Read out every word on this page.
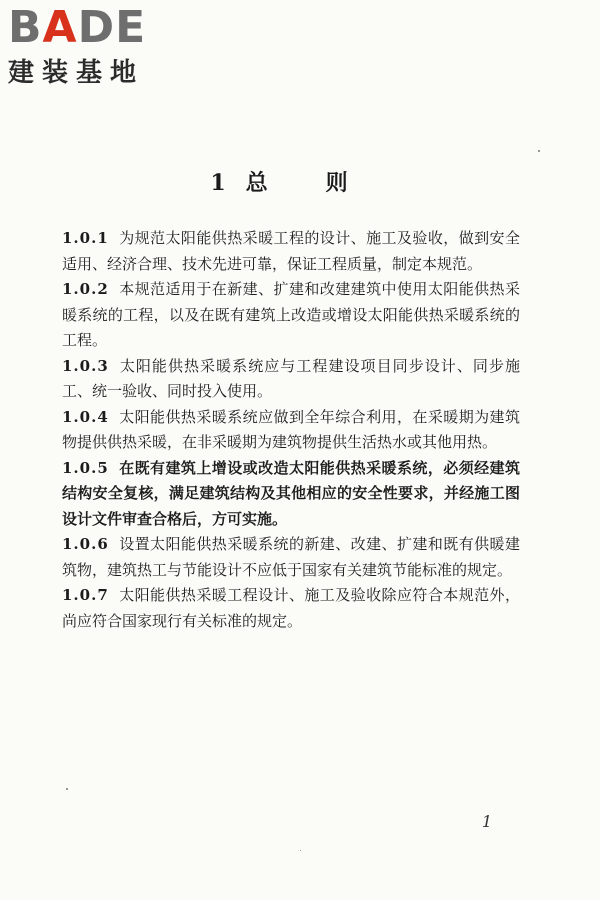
BADE
建装基地
1 总	则

1.0.1 为规范太阳能供热采暖工程的设计、施工及验收，做到安全适用、经济合理、技术先进可靠，保证工程质量，制定本规范。

1.0.2 本规范适用于在新建、扩建和改建建筑中使用太阳能供热采暖系统的工程，以及在既有建筑上改造或增设太阳能供热采暖系统的工程。

1.0.3 太阳能供热采暖系统应与工程建设项目同步设计、同步施工、统一验收、同时投入使用。

1.0.4 太阳能供热采暖系统应做到全年综合利用，在采暖期为建筑物提供供热采暖，在非采暖期为建筑物提供生活热水或其他用热。

1.0.5 在既有建筑上增设或改造太阳能供热采暖系统，必须经建筑结构安全复核，满足建筑结构及其他相应的安全性要求，并经施工图设计文件审查合格后，方可实施。

1.0.6 设置太阳能供热采暖系统的新建、改建、扩建和既有供暖建筑物，建筑热工与节能设计不应低于国家有关建筑节能标准的规定。

1.0.7 太阳能供热采暖工程设计、施工及验收除应符合本规范外，尚应符合国家现行有关标准的规定。

1
